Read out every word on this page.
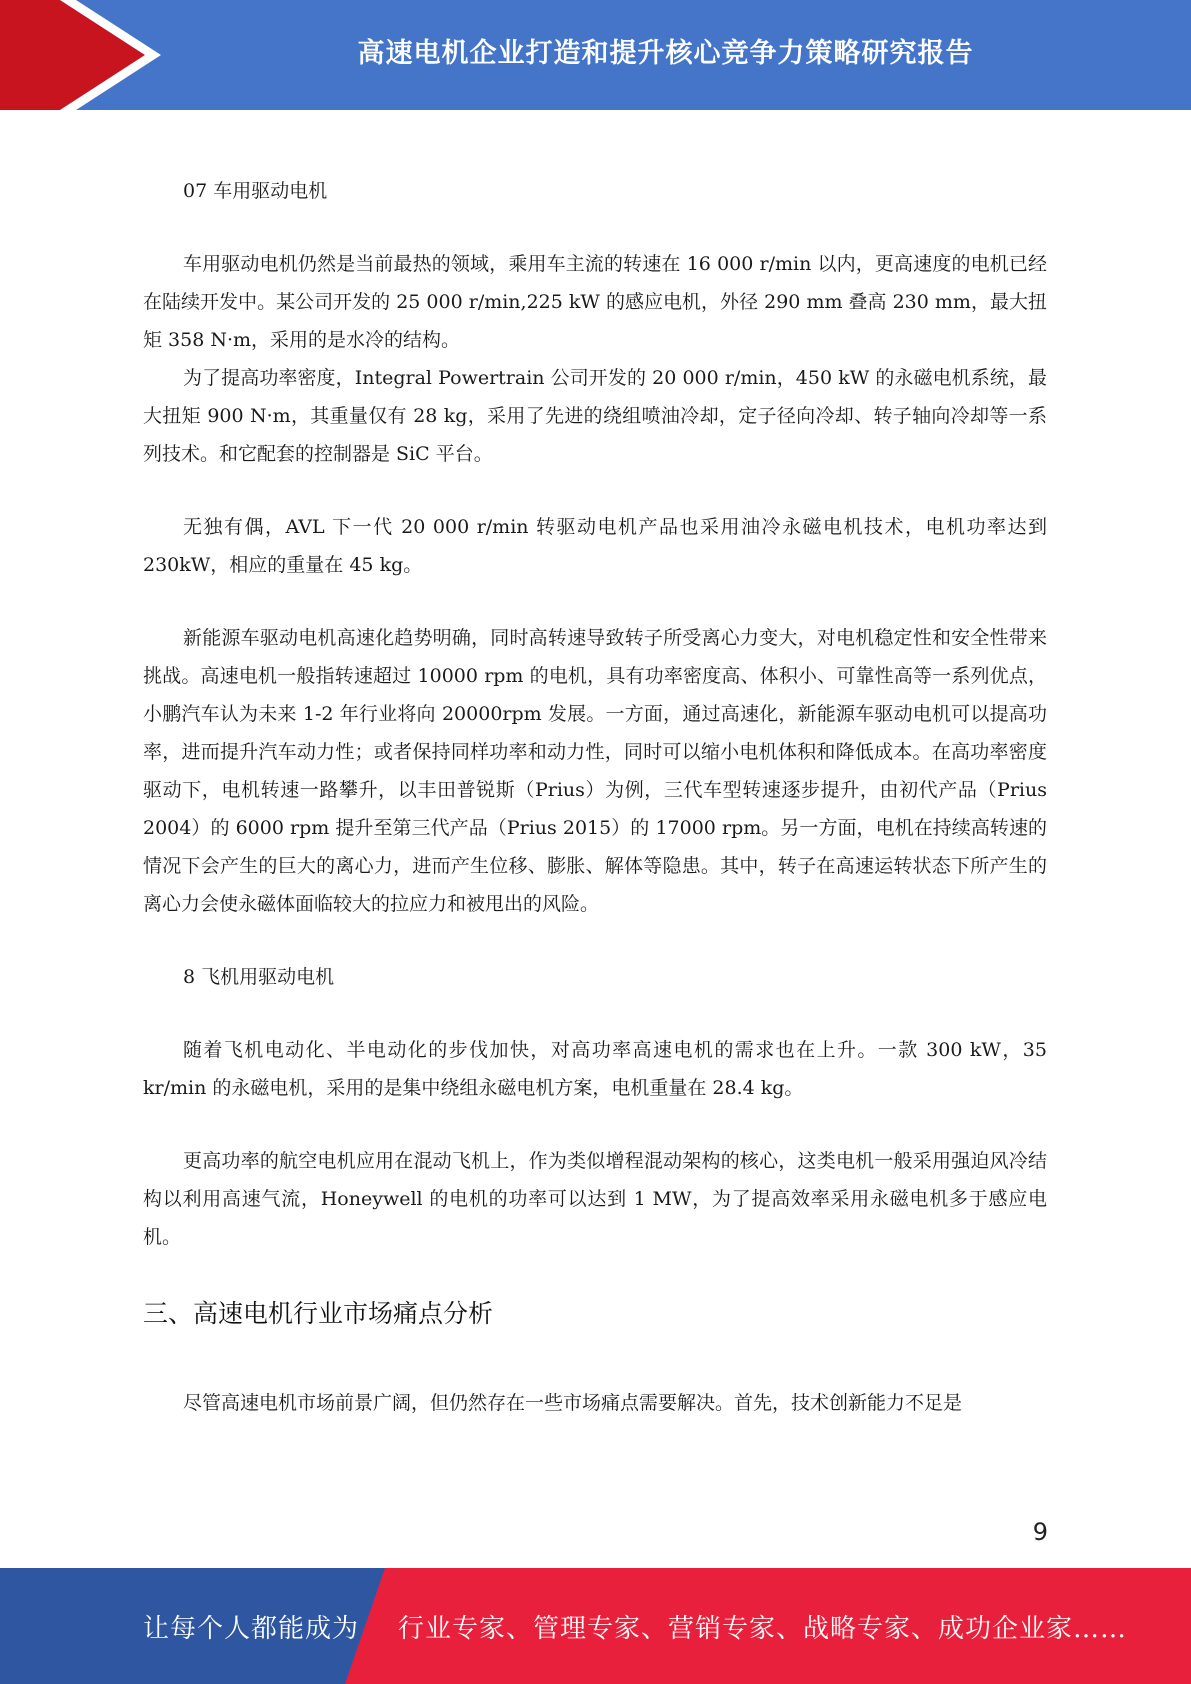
高速电机企业打造和提升核心竞争力策略研究报告

07 车用驱动电机

车用驱动电机仍然是当前最热的领域，乘用车主流的转速在 16 000 r/min 以内，更高速度的电机已经在陆续开发中。某公司开发的 25 000 r/min,225 kW 的感应电机，外径 290 mm 叠高 230 mm，最大扭矩 358 N·m，采用的是水冷的结构。

为了提高功率密度，Integral Powertrain 公司开发的 20 000 r/min，450 kW 的永磁电机系统，最大扭矩 900 N·m，其重量仅有 28 kg，采用了先进的绕组喷油冷却，定子径向冷却、转子轴向冷却等一系列技术。和它配套的控制器是 SiC 平台。

无独有偶，AVL 下一代 20 000 r/min 转驱动电机产品也采用油冷永磁电机技术，电机功率达到 230kW，相应的重量在 45 kg。

新能源车驱动电机高速化趋势明确，同时高转速导致转子所受离心力变大，对电机稳定性和安全性带来挑战。高速电机一般指转速超过 10000 rpm 的电机，具有功率密度高、体积小、可靠性高等一系列优点，小鹏汽车认为未来 1-2 年行业将向 20000rpm 发展。一方面，通过高速化，新能源车驱动电机可以提高功率，进而提升汽车动力性；或者保持同样功率和动力性，同时可以缩小电机体积和降低成本。在高功率密度驱动下，电机转速一路攀升，以丰田普锐斯（Prius）为例，三代车型转速逐步提升，由初代产品（Prius 2004）的 6000 rpm 提升至第三代产品（Prius 2015）的 17000 rpm。另一方面，电机在持续高转速的情况下会产生的巨大的离心力，进而产生位移、膨胀、解体等隐患。其中，转子在高速运转状态下所产生的离心力会使永磁体面临较大的拉应力和被甩出的风险。

8 飞机用驱动电机

随着飞机电动化、半电动化的步伐加快，对高功率高速电机的需求也在上升。一款 300 kW，35 kr/min 的永磁电机，采用的是集中绕组永磁电机方案，电机重量在 28.4 kg。

更高功率的航空电机应用在混动飞机上，作为类似增程混动架构的核心，这类电机一般采用强迫风冷结构以利用高速气流，Honeywell 的电机的功率可以达到 1 MW，为了提高效率采用永磁电机多于感应电机。

三、高速电机行业市场痛点分析

尽管高速电机市场前景广阔，但仍然存在一些市场痛点需要解决。首先，技术创新能力不足是

9
让每个人都能成为 行业专家、管理专家、营销专家、战略专家、成功企业家……
